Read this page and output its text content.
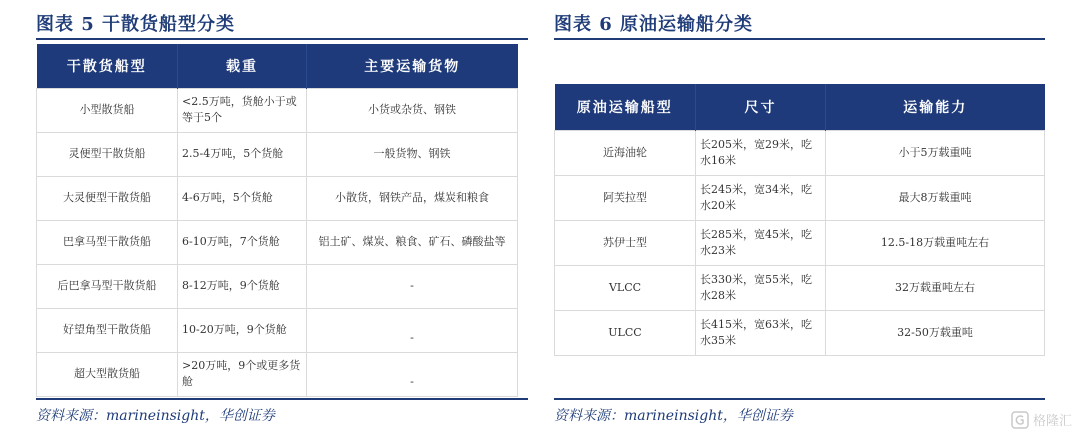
图表 5 干散货船型分类
干散货船型	载重	主要运输货物
小型散货船	<2.5万吨，货舱小于或等于5个	小货或杂货、钢铁
灵便型干散货船	2.5-4万吨，5个货舱	一般货物、钢铁
大灵便型干散货船	4-6万吨，5个货舱	小散货，钢铁产品，煤炭和粮食
巴拿马型干散货船	6-10万吨，7个货舱	铝土矿、煤炭、粮食、矿石、磷酸盐等
后巴拿马型干散货船	8-12万吨，9个货舱	-
好望角型干散货船	10-20万吨，9个货舱	-
超大型散货船	>20万吨，9个或更多货舱	-
资料来源：marineinsight，华创证券
图表 6 原油运输船分类
原油运输船型	尺寸	运输能力
近海油轮	长205米，宽29米，吃水16米	小于5万载重吨
阿芙拉型	长245米，宽34米，吃水20米	最大8万载重吨
苏伊士型	长285米，宽45米，吃水23米	12.5-18万载重吨左右
VLCC	长330米，宽55米，吃水28米	32万载重吨左右
ULCC	长415米，宽63米，吃水35米	32-50万载重吨
资料来源：marineinsight，华创证券	格隆汇
